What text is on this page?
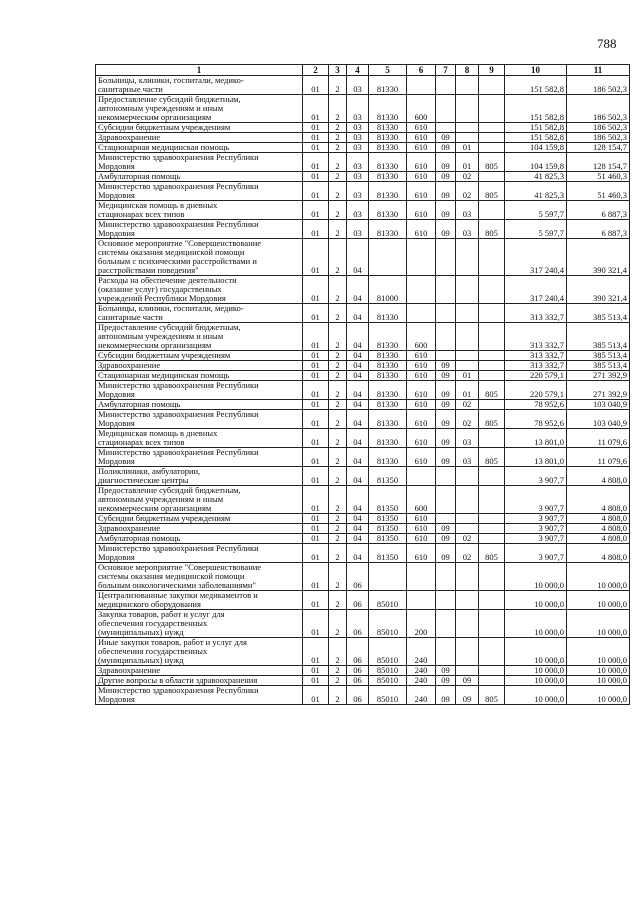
788
1	2	3	4	5	6	7	8	9	10	11
Больницы, клиники, госпитали, медико-
санитарные части	01	2	03	81330					151 582,8	186 502,3
Предоставление субсидий бюджетным,
автономным учреждениям и иным
некоммерческим организациям	01	2	03	81330	600				151 582,8	186 502,3
Субсидии бюджетным учреждениям	01	2	03	81330	610				151 582,8	186 502,3
Здравоохранение	01	2	03	81330	610	09			151 582,8	186 502,3
Стационарная медицинская помощь	01	2	03	81330	610	09	01		104 159,8	128 154,7
Министерство здравоохранения Республики
Мордовия	01	2	03	81330	610	09	01	805	104 159,8	128 154,7
Амбулаторная помощь	01	2	03	81330	610	09	02		41 825,3	51 460,3
Министерство здравоохранения Республики
Мордовия	01	2	03	81330	610	09	02	805	41 825,3	51 460,3
Медицинская помощь в дневных
стационарах всех типов	01	2	03	81330	610	09	03		5 597,7	6 887,3
Министерство здравоохранения Республики
Мордовия	01	2	03	81330	610	09	03	805	5 597,7	6 887,3
Основное мероприятие "Совершенствование
системы оказания медицинской помощи
больным с психическими расстройствами и
расстройствами поведения"	01	2	04						317 240,4	390 321,4
Расходы на обеспечение деятельности
(оказание услуг) государственных
учреждений Республики Мордовия	01	2	04	81000					317 240,4	390 321,4
Больницы, клиники, госпитали, медико-
санитарные части	01	2	04	81330					313 332,7	385 513,4
Предоставление субсидий бюджетным,
автономным учреждениям и иным
некоммерческим организациям	01	2	04	81330	600				313 332,7	385 513,4
Субсидии бюджетным учреждениям	01	2	04	81330	610				313 332,7	385 513,4
Здравоохранение	01	2	04	81330	610	09			313 332,7	385 513,4
Стационарная медицинская помощь	01	2	04	81330	610	09	01		220 579,1	271 392,9
Министерство здравоохранения Республики
Мордовия	01	2	04	81330	610	09	01	805	220 579,1	271 392,9
Амбулаторная помощь	01	2	04	81330	610	09	02		78 952,6	103 040,9
Министерство здравоохранения Республики
Мордовия	01	2	04	81330	610	09	02	805	78 952,6	103 040,9
Медицинская помощь в дневных
стационарах всех типов	01	2	04	81330	610	09	03		13 801,0	11 079,6
Министерство здравоохранения Республики
Мордовия	01	2	04	81330	610	09	03	805	13 801,0	11 079,6
Поликлиники, амбулатории,
диагностические центры	01	2	04	81350					3 907,7	4 808,0
Предоставление субсидий бюджетным,
автономным учреждениям и иным
некоммерческим организациям	01	2	04	81350	600				3 907,7	4 808,0
Субсидии бюджетным учреждениям	01	2	04	81350	610				3 907,7	4 808,0
Здравоохранение	01	2	04	81350	610	09			3 907,7	4 808,0
Амбулаторная помощь	01	2	04	81350	610	09	02		3 907,7	4 808,0
Министерство здравоохранения Республики
Мордовия	01	2	04	81350	610	09	02	805	3 907,7	4 808,0
Основное мероприятие "Совершенствование
системы оказания медицинской помощи
больным онкологическими заболеваниями"	01	2	06						10 000,0	10 000,0
Централизованные закупки медикаментов и
медицинского оборудования	01	2	06	85010					10 000,0	10 000,0
Закупка товаров, работ и услуг для
обеспечения государственных
(муниципальных) нужд	01	2	06	85010	200				10 000,0	10 000,0
Иные закупки товаров, работ и услуг для
обеспечения государственных
(муниципальных) нужд	01	2	06	85010	240				10 000,0	10 000,0
Здравоохранение	01	2	06	85010	240	09			10 000,0	10 000,0
Другие вопросы в области здравоохранения	01	2	06	85010	240	09	09		10 000,0	10 000,0
Министерство здравоохранения Республики
Мордовия	01	2	06	85010	240	09	09	805	10 000,0	10 000,0
